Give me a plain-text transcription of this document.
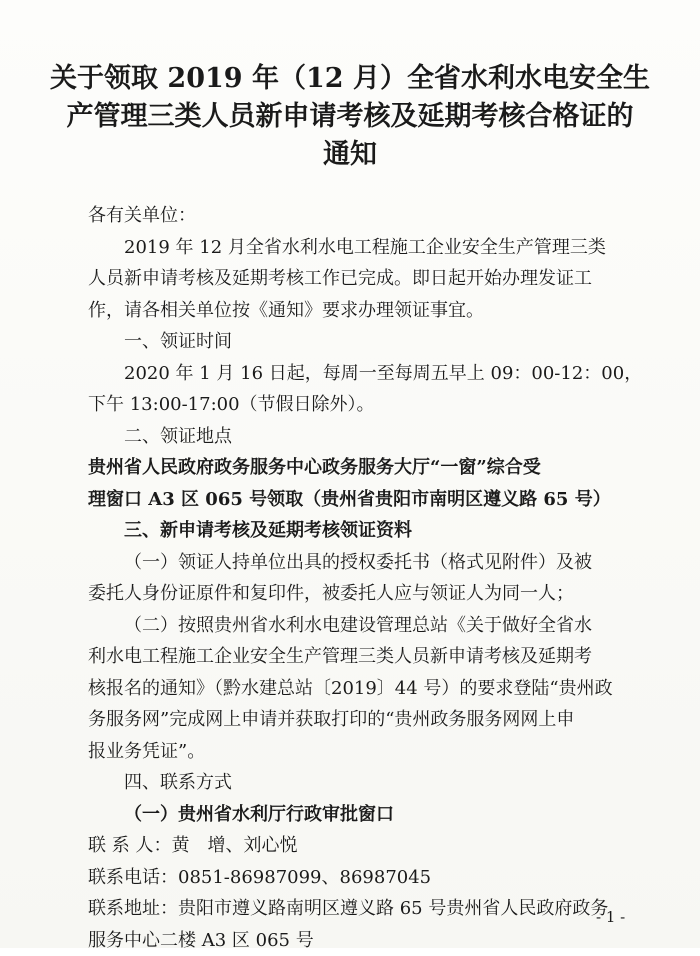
关于领取 2019 年（12 月）全省水利水电安全生
产管理三类人员新申请考核及延期考核合格证的
通知
各有关单位：
2019 年 12 月全省水利水电工程施工企业安全生产管理三类
人员新申请考核及延期考核工作已完成。即日起开始办理发证工
作，请各相关单位按《通知》要求办理领证事宜。
一、领证时间
2020 年 1 月 16 日起，每周一至每周五早上 09：00-12：00，
下午 13:00-17:00（节假日除外）。
二、领证地点
贵州省人民政府政务服务中心政务服务大厅“一窗”综合受
理窗口 A3 区 065 号领取（贵州省贵阳市南明区遵义路 65 号）
三、新申请考核及延期考核领证资料
（一）领证人持单位出具的授权委托书（格式见附件）及被
委托人身份证原件和复印件，被委托人应与领证人为同一人；
（二）按照贵州省水利水电建设管理总站《关于做好全省水
利水电工程施工企业安全生产管理三类人员新申请考核及延期考
核报名的通知》（黔水建总站〔2019〕44 号）的要求登陆“贵州政
务服务网”完成网上申请并获取打印的“贵州政务服务网网上申
报业务凭证”。
四、联系方式
（一）贵州省水利厅行政审批窗口
联 系 人：黄　增、刘心悦
联系电话：0851-86987099、86987045
联系地址：贵阳市遵义路南明区遵义路 65 号贵州省人民政府政务
服务中心二楼 A3 区 065 号
- 1 -
